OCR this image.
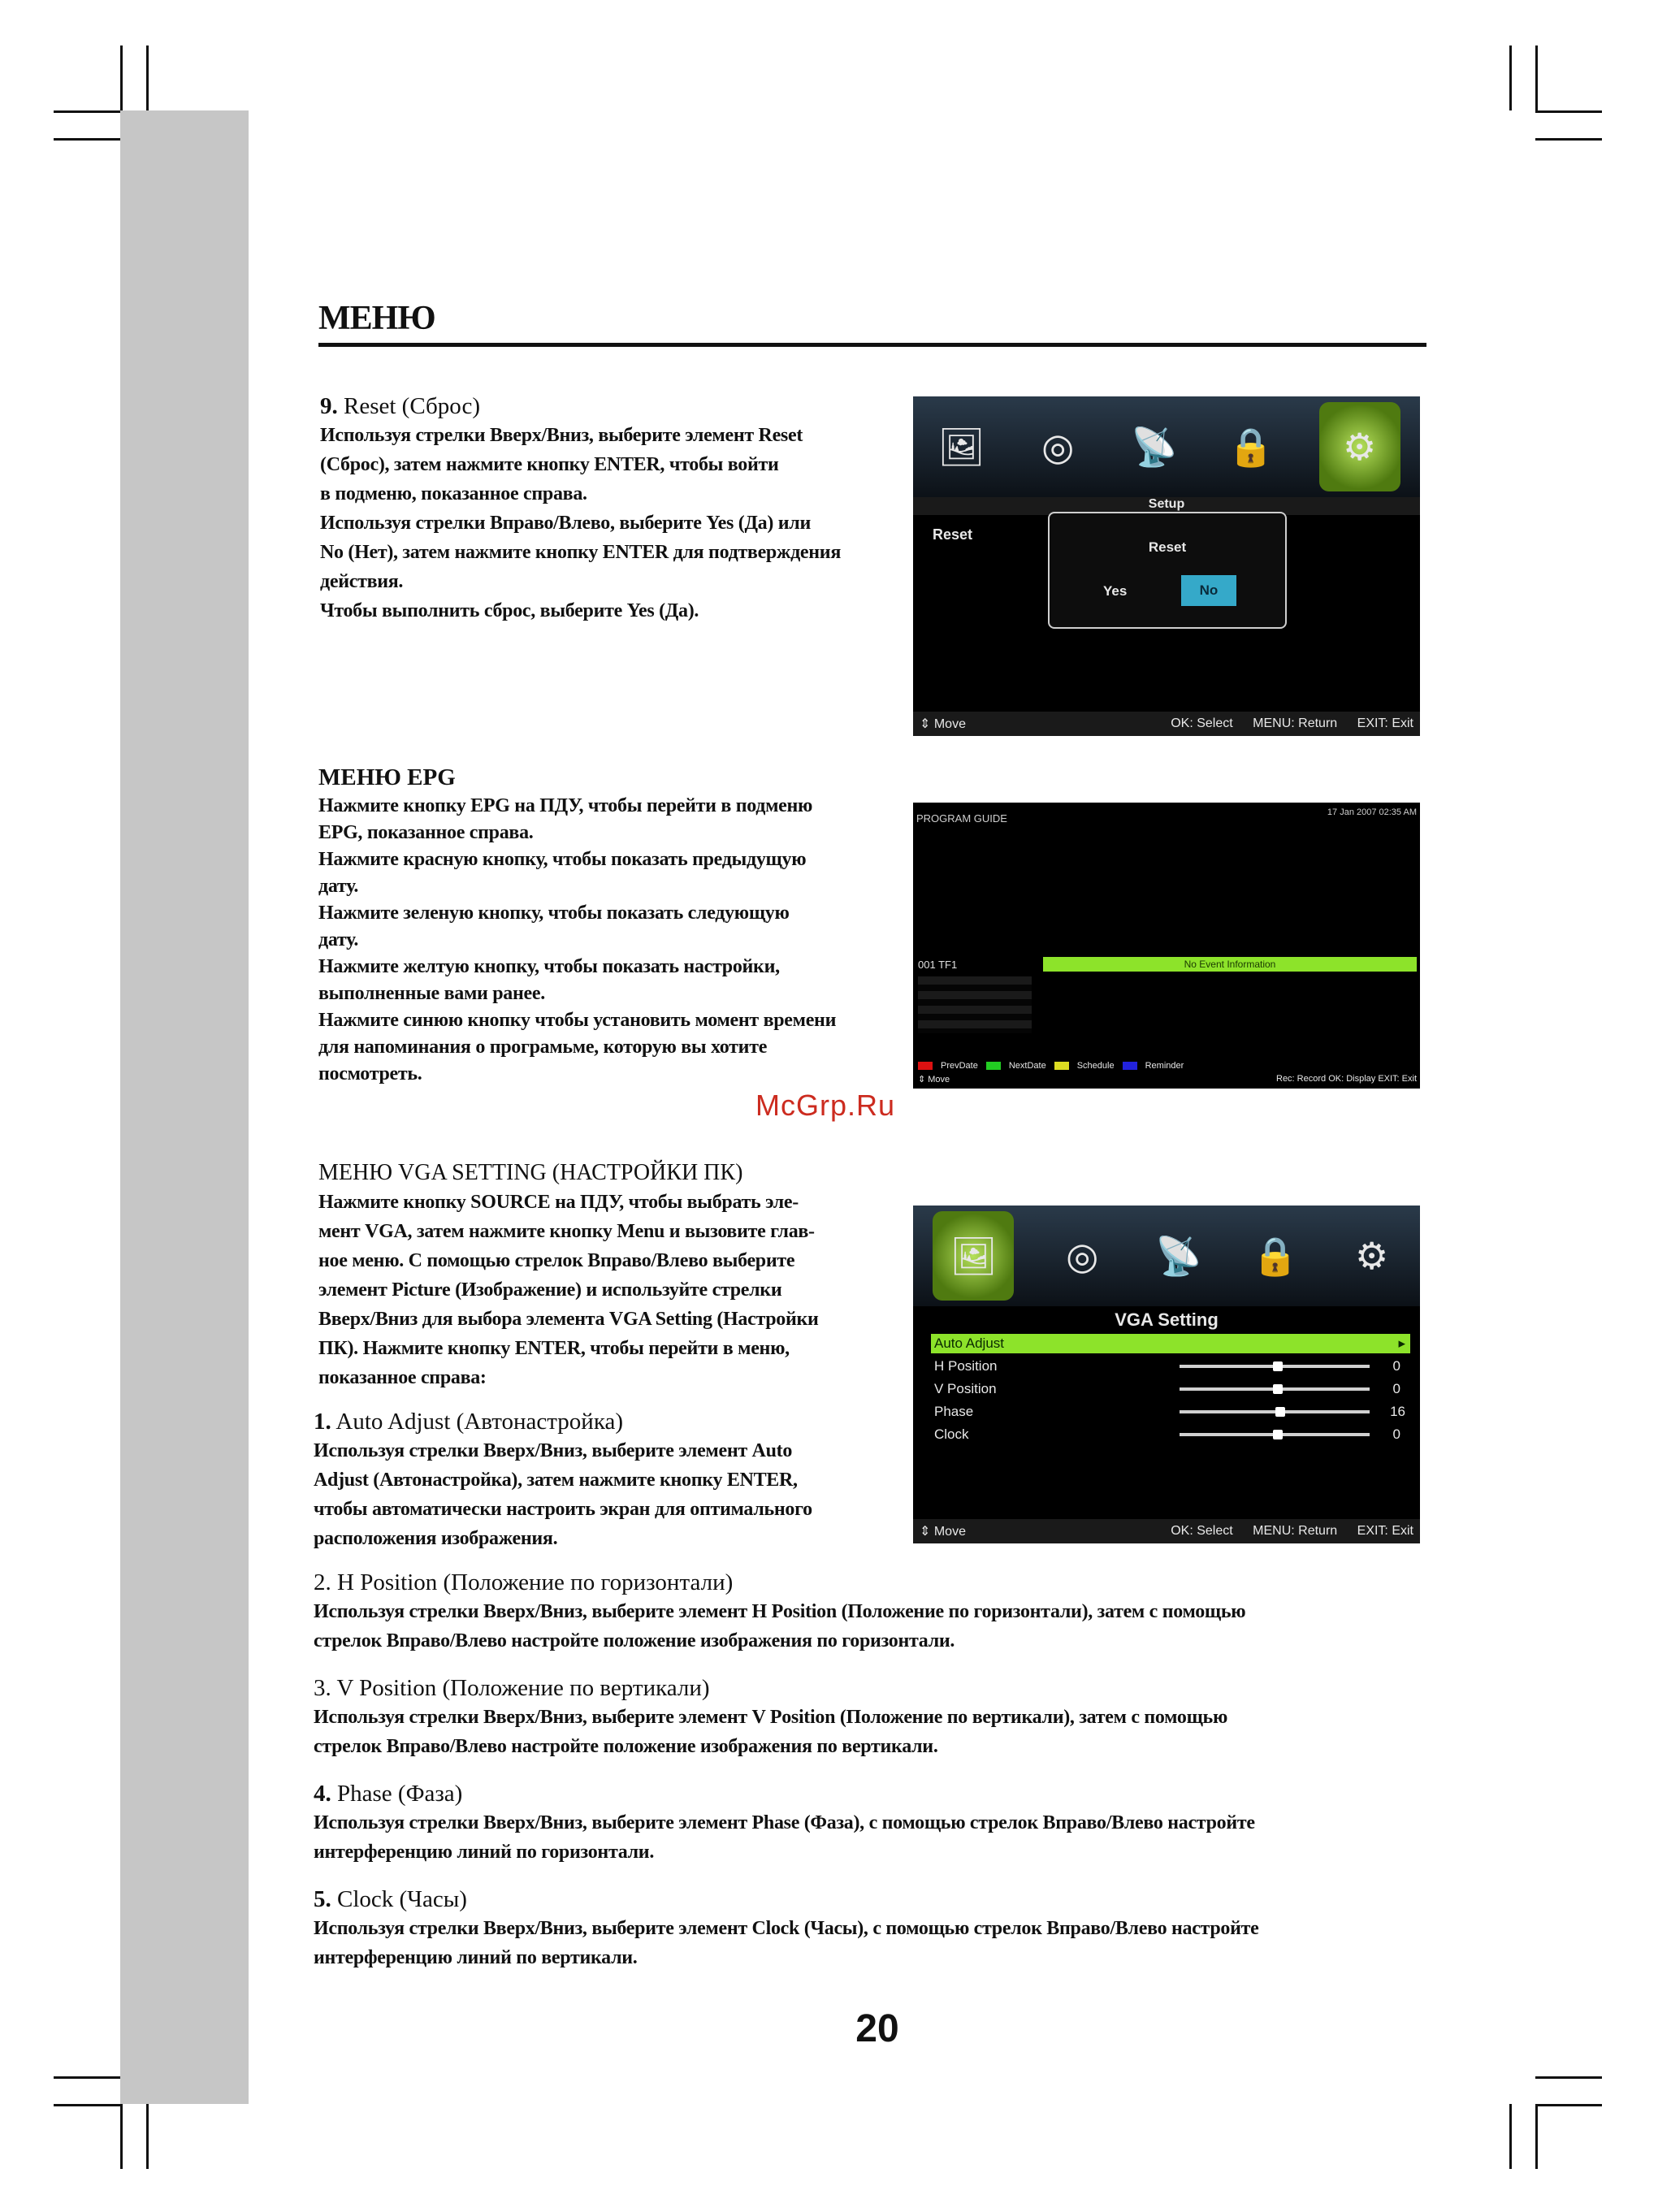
МЕНЮ

9. Reset (Сброс)

Используя стрелки Вверх/Вниз, выберите элемент Reset

(Сброс), затем нажмите кнопку ENTER, чтобы войти

в подменю, показанное справа.

Используя стрелки Вправо/Влево, выберите Yes (Да) или

No (Нет), затем нажмите кнопку ENTER для подтверждения

действия.

Чтобы выполнить сброс, выберите Yes (Да).

🖼	◎	📡 🔒	⚙
Setup
Reset
Reset
Yes	No
⇕ Move	OK: Select MENU: Return EXIT: Exit

МЕНЮ EPG

Нажмите кнопку EPG на ПДУ, чтобы перейти в подменю

EPG, показанное справа.

Нажмите красную кнопку, чтобы показать предыдущую

дату.

Нажмите зеленую кнопку, чтобы показать следующую

дату.

Нажмите желтую кнопку, чтобы показать настройки,

выполненные вами ранее.

Нажмите синюю кнопку чтобы установить момент времени

для напоминания о програмьме, которую вы хотите

посмотреть.

PROGRAM GUIDE	17 Jan 2007 02:35 AM
001 TF1	No Event Information
PrevDate	NextDate	Schedule	Reminder
⇕ Move	Rec: Record OK: Display EXIT: Exit
McGrp.Ru

МЕНЮ VGA SETTING (НАСТРОЙКИ ПК)

Нажмите кнопку SOURCE на ПДУ, чтобы выбрать эле-

мент VGA, затем нажмите кнопку Menu и вызовите глав-

ное меню. С помощью стрелок Вправо/Влево выберите

элемент Picture (Изображение) и используйте стрелки

Вверх/Вниз для выбора элемента VGA Setting (Настройки

ПК). Нажмите кнопку ENTER, чтобы перейти в меню,

показанное справа:

🖼	◎	📡 🔒	⚙
VGA Setting
Auto Adjust	▸
H Position	0
V Position	0
Phase	16
Clock	0
⇕ Move	OK: Select MENU: Return EXIT: Exit

1. Auto Adjust (Автонастройка)

Используя стрелки Вверх/Вниз, выберите элемент Auto

Adjust (Автонастройка), затем нажмите кнопку ENTER,

чтобы автоматически настроить экран для оптимального

расположения изображения.

2. H Position (Положение по горизонтали)

Используя стрелки Вверх/Вниз, выберите элемент H Position (Положение по горизонтали), затем с помощью

стрелок Вправо/Влево настройте положение изображения по горизонтали.

3. V Position (Положение по вертикали)

Используя стрелки Вверх/Вниз, выберите элемент V Position (Положение по вертикали), затем с помощью

стрелок Вправо/Влево настройте положение изображения по вертикали.

4. Phase (Фаза)

Используя стрелки Вверх/Вниз, выберите элемент Phase (Фаза), с помощью стрелок Вправо/Влево настройте

интерференцию линий по горизонтали.

5. Clock (Часы)

Используя стрелки Вверх/Вниз, выберите элемент Clock (Часы), с помощью стрелок Вправо/Влево настройте

интерференцию линий по вертикали.

20
